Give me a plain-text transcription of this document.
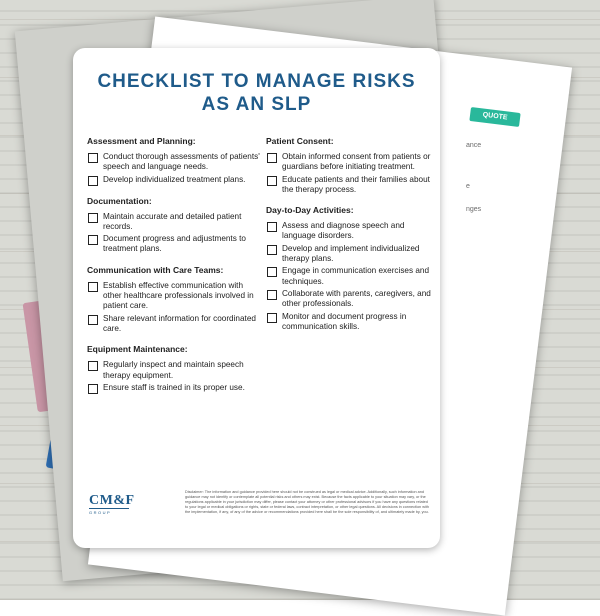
QUOTE
ance
e
nges
CHECKLIST TO MANAGE RISKS
AS AN SLP
Assessment and Planning:
Conduct thorough assessments of patients' speech and language needs.
Develop individualized treatment plans.
Documentation:
Maintain accurate and detailed patient records.
Document progress and adjustments to treatment plans.
Communication with Care Teams:
Establish effective communication with other healthcare professionals involved in patient care.
Share relevant information for coordinated care.
Equipment Maintenance:
Regularly inspect and maintain speech therapy equipment.
Ensure staff is trained in its proper use.
Patient Consent:
Obtain informed consent from patients or guardians before initiating treatment.
Educate patients and their families about the therapy process.
Day-to-Day Activities:
Assess and diagnose speech and language disorders.
Develop and implement individualized therapy plans.
Engage in communication exercises and techniques.
Collaborate with parents, caregivers, and other professionals.
Monitor and document progress in communication skills.
CM&F
GROUP
Disclaimer: The information and guidance provided here should not be construed as legal or medical advice. Additionally, such information and guidance may not identify or contemplate all potential risks and others may exist. Because the facts applicable to your situation may vary, or the regulations applicable in your jurisdiction may differ, please contact your attorney or other professional advisors if you have any questions related to your legal or medical obligations or rights, state or federal laws, contract interpretation, or other legal questions. All decisions in connection with the implementation, if any, of any of the advice or recommendations provided here shall be the sole responsibility of, and ultimately made by, you.
